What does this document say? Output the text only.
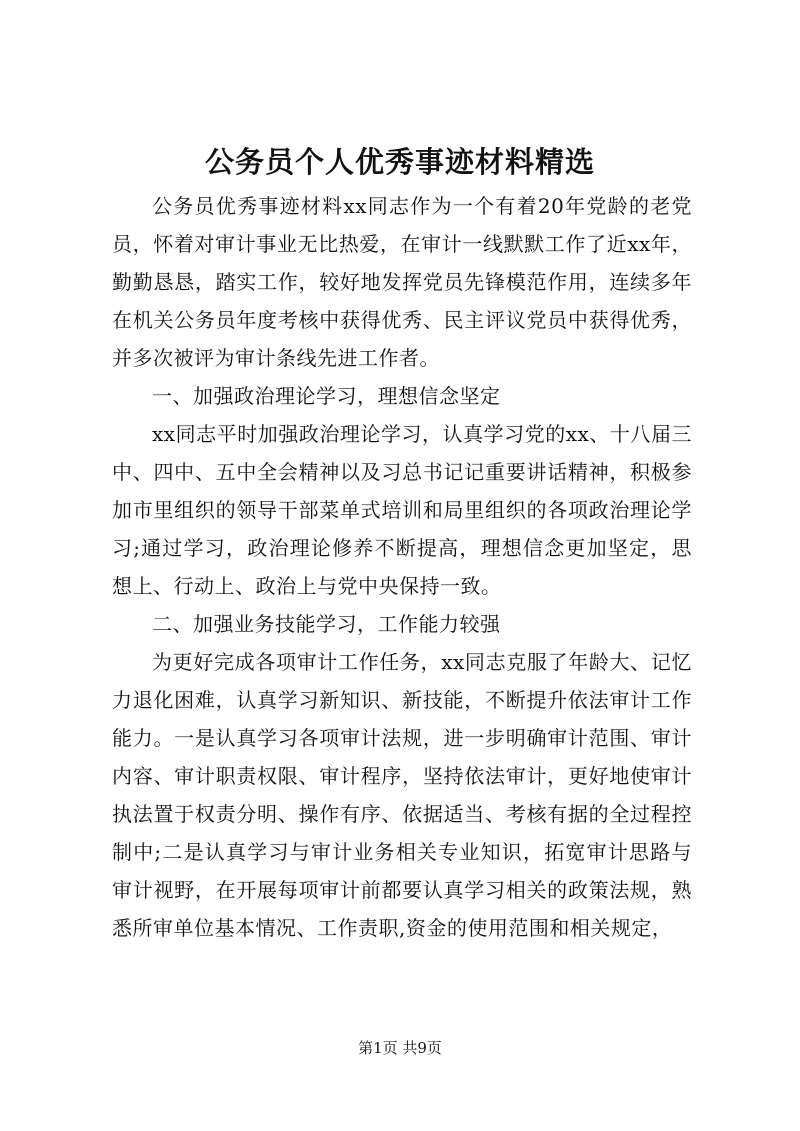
公务员个人优秀事迹材料精选

公务员优秀事迹材料xx同志作为一个有着20年党龄的老党员，怀着对审计事业无比热爱，在审计一线默默工作了近xx年，勤勤恳恳，踏实工作，较好地发挥党员先锋模范作用，连续多年在机关公务员年度考核中获得优秀、民主评议党员中获得优秀，并多次被评为审计条线先进工作者。

一、加强政治理论学习，理想信念坚定

xx同志平时加强政治理论学习，认真学习党的xx、十八届三中、四中、五中全会精神以及习总书记记重要讲话精神，积极参加市里组织的领导干部菜单式培训和局里组织的各项政治理论学习;通过学习，政治理论修养不断提高，理想信念更加坚定，思想上、行动上、政治上与党中央保持一致。

二、加强业务技能学习，工作能力较强

为更好完成各项审计工作任务，xx同志克服了年龄大、记忆力退化困难，认真学习新知识、新技能，不断提升依法审计工作能力。一是认真学习各项审计法规，进一步明确审计范围、审计内容、审计职责权限、审计程序，坚持依法审计，更好地使审计执法置于权责分明、操作有序、依据适当、考核有据的全过程控制中;二是认真学习与审计业务相关专业知识，拓宽审计思路与审计视野，在开展每项审计前都要认真学习相关的政策法规，熟悉所审单位基本情况、工作责职,资金的使用范围和相关规定，

第1页 共9页
